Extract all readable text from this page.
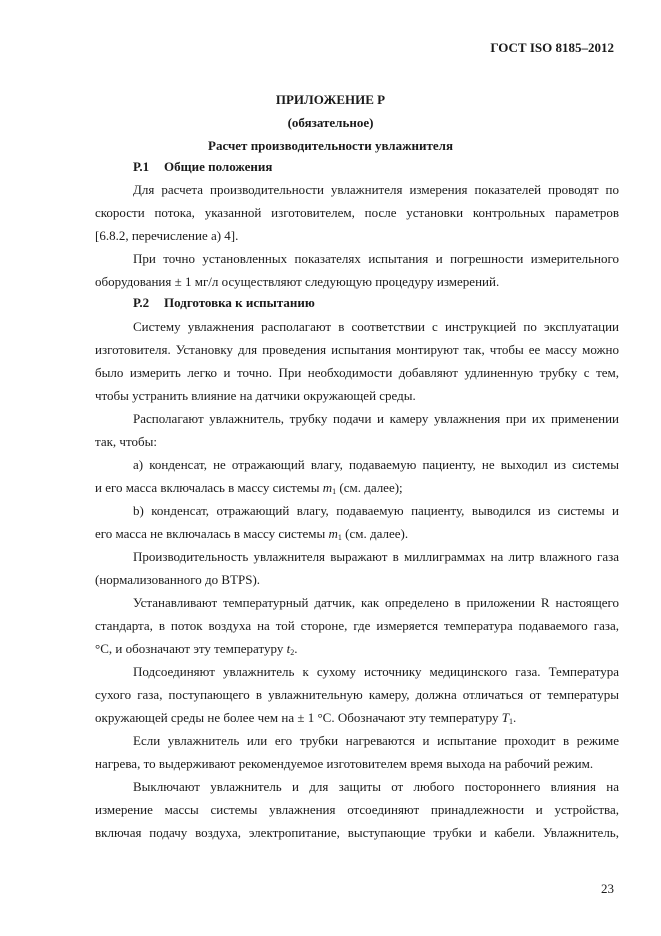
ГОСТ ISO 8185–2012
ПРИЛОЖЕНИЕ Р
(обязательное)
Расчет производительности увлажнителя
Р.1 Общие положения
Для расчета производительности увлажнителя измерения показателей проводят по
скорости потока, указанной изготовителем, после установки контрольных параметров
[6.8.2, перечисление а) 4].
При точно установленных показателях испытания и погрешности измерительного
оборудования ± 1 мг/л осуществляют следующую процедуру измерений.
Р.2 Подготовка к испытанию
Систему увлажнения располагают в соответствии с инструкцией по эксплуатации
изготовителя. Установку для проведения испытания монтируют так, чтобы ее массу можно
было измерить легко и точно. При необходимости добавляют удлиненную трубку с тем,
чтобы устранить влияние на датчики окружающей среды.
Располагают увлажнитель, трубку подачи и камеру увлажнения при их применении
так, чтобы:
а) конденсат, не отражающий влагу, подаваемую пациенту, не выходил из системы
и его масса включалась в массу системы $m_1$ (см. далее);
b) конденсат, отражающий влагу, подаваемую пациенту, выводился из системы и
его масса не включалась в массу системы $m_1$ (см. далее).
Производительность увлажнителя выражают в миллиграммах на литр влажного газа
(нормализованного до BTPS).
Устанавливают температурный датчик, как определено в приложении R настоящего
стандарта, в поток воздуха на той стороне, где измеряется температура подаваемого газа,
°С, и обозначают эту температуру $t_2$.
Подсоединяют увлажнитель к сухому источнику медицинского газа. Температура
сухого газа, поступающего в увлажнительную камеру, должна отличаться от температуры
окружающей среды не более чем на ± 1 °С. Обозначают эту температуру $T_1$.
Если увлажнитель или его трубки нагреваются и испытание проходит в режиме
нагрева, то выдерживают рекомендуемое изготовителем время выхода на рабочий режим.
Выключают увлажнитель и для защиты от любого постороннего влияния на
измерение массы системы увлажнения отсоединяют принадлежности и устройства,
включая подачу воздуха, электропитание, выступающие трубки и кабели. Увлажнитель,
23
